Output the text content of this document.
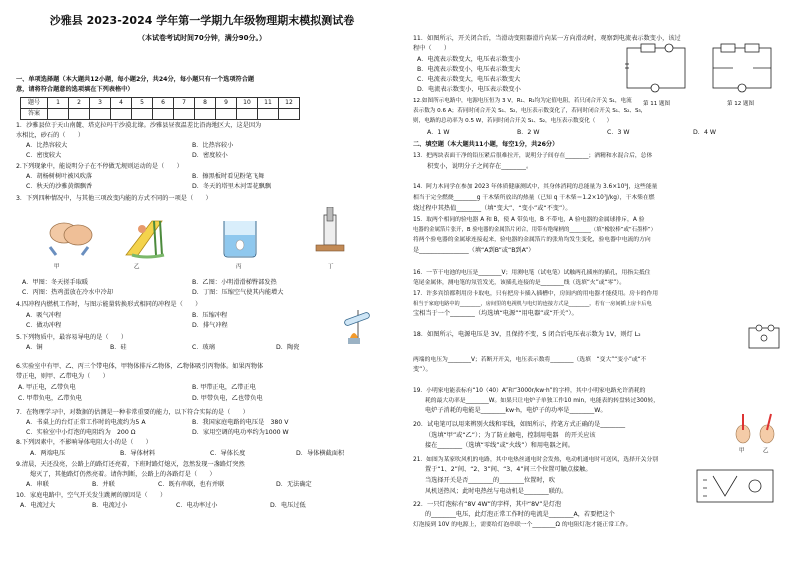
沙雅县 2023-2024 学年第一学期九年级物理期末模拟测试卷
（本试卷考试时间70分钟，满分90分。）
一、单项选择题（本大题共12小题，每小题2分，共24分，每小题只有一个选项符合题
意，请将符合题意的选项填在下列表格中）
题号	1	2	3	4	5	6	7	8	9	10	11	12
答案												
1．沙雅县位于天山南麓、塔克拉玛干沙漠北缘。沙雅县昼夜温差比沿海地区大，这是因为
水相比，砂石的（　　）
A．比热容较大	B．比热容较小
C．密度较大	D．密度较小
2.下列现象中，能说明分子在不停做无规则运动的是（　　）
A．胡杨树树叶被风吹落	B．擦黑板时看见粉笔飞舞
C．秋天的沙雅黄烟飘香	D．冬天的塔里木河雪花飘飘
3．下列四种情况中，与其他三项改变内能的方式不同的一项是（　　）
甲	乙	丙	丁
A．甲图：冬天搓手取暖	B．乙图：小明滑滑梯臀部发热
C．丙图：热鸡蛋放在冷水中冷却	D．丁图：压缩空气使其内能增大
4.四冲程内燃机工作时，与图示能量转换形式相同的冲程是（　　）
A．吸气冲程	B．压缩冲程
C．做功冲程	D．排气冲程
5.下列物质中，最容易导电的是（　　）
A．铜	B．硅	C．玻璃	D．陶瓷
6.实验室中有甲、乙、丙三个带电体，甲物体排斥乙物体，乙物体吸引丙物体。如果丙物体
带正电，则甲、乙带电为（　　）
A. 甲正电，乙带负电	B. 甲带正电，乙带正电
C. 甲带负电，乙带负电	D. 甲带负电，乙也带负电
7．在物理学习中，对数据的估测是一种非常重要的能力，以下符合实际的是（　　）
A．书桌上的台灯正常工作时的电流约为5 A	B．我国家庭电路的电压是　380 V
C．实验室中小灯泡的电阻约为　200 Ω	D．家用空调的电功率约为1000 W
8.下列因素中，不影响导体电阻大小的是（　　）
A．两端电压	B．导体材料	C．导体长度	D．导体横截面积
9.清晨，天还没亮，公路上的路灯还亮着，下班时路灯熄灭，忽然发现一盏路灯突然
熄灭了，其他路灯仍然亮着。请你判断，公路上的各路灯是（　　）
A．串联	B．并联	C．既有串联，也有并联	D．无法确定
10．家庭电路中，空气开关发生跳闸的原因是（　　）
A．电流过大	B．电流过小	C．电功率过小	D．电压过低
11．如图所示，开关闭合后，当滑动变阻器滑片向某一方向滑动时，观察到电流表示数变小，该过
程中（　　）
A．电流表示数变大，电压表示数变小
B．电流表示数变小，电压表示数变大
C．电流表示数变大，电压表示数变大
D．电流表示数变小，电压表示数变小
第 11 题图	第 12 题图
12.如图所示电路中，电源电压恒为 3 V，R₁、R₂均为定值电阻，若只闭合开关 S₁，电流
表示数为 0.6 A；若同时闭合开关 S₁、S₂，电压表示数变化了，若同时闭合开关 S₁、S₂、S₃，
则，电路的总功率为 0.5 W，若同时闭合开关 S₁、S₂，电压表示数变化（　　）
A．1 W	B．2 W	C．3 W	D．4 W
二、填空题（本大题共11小题，每空1分，共26分）
13．把两块表面干净的铅压紧后很难拉开，说明分子间存在________；酒精和水混合后，总体
积变小，说明分子之间存在________。
14．阿力木同学在参加 2023 年体质健康测试中，其身体消耗的总能量为 3.6×10⁵J，这些能量
相当于完全燃烧________g 干木柴所放出的热量（已知 q 干木柴＝1.2×10⁷J/kg），干木柴在燃
烧过程中其热值________（填“变大”、“变小”或“不变”）。
15．取两个相同的验电器 A 和 B，使 A 带负电，B 不带电，A 验电器的金属球排斥，A 验
电器的金属箔片张开，B 验电器的金属箔片闭合，用带有绝缘柄的________（填“橡胶棒”或“石墨棒”）
将两个验电器的金属球连接起来，验电器的金属箔片的张角均发生变化，验电器中电流的方向
是________________（填“A到B”或“B到A”）
16．一节干电池的电压是________V；用测电笔（试电笔）试触两孔插座的插孔，用指尖抵住
笔尾金属体，测电笔的氖管发光，该插孔连接的是________线（选填“火”或“零”）。
17．许多宾馆都利用房卡取电，只有把房卡插入插槽中，房间内的用电器才能使用。房卡的作用
相当于家庭电路中的________，房间里的电视机与电灯的连接方式是________。若有一房间插上房卡后电
宝相当于一个________（均选填“电源”“用电器”或“开关”）。
18．如图所示，电源电压是 3V，且保持不变，S 闭合后电压表示数为 1V，则灯 L₂
两端的电压为________V；若断开开关，电压表示数将________（选填　“变大”“变小”或“不
变”）。
19．小明家电能表标有“10（40）A”和“3000r/kw·h”的字样，其中小明家电路允许消耗的
耗的最大功率是________W。如果只让电炉子单独工作10 min，电能表的转盘转过300转，
电炉子消耗的电能是________kw·h，电炉子的功率是________W。
20．试电笔可以用来辨别火线和零线，如图所示，持笔方式正确的是________
甲	乙
（选填“甲”或“乙”）；为了防止触电，控制用电器　的开关应该
接在________（选填“零线”或“火线”）和用电器之间。
21．如图为某家吹风机的电路，其中电热丝通电时会发热，电动机通电时可送风，选择开关分别
置于“1、2”间、“2、3”间、“3、4”间三个位置可触点接触。
当选择开关是否________的________位置时，吹
风机送热风；此时电热丝与电动机是________联的。
22．一只灯泡标有“8V 4W”的字样，其中“8V”是灯泡
的________电压，此灯泡正常工作时的电流是________A，若要把这个
灯泡接到 10V 的电源上，需要给灯泡串联一个________Ω 的电阻灯泡才能正常工作。
